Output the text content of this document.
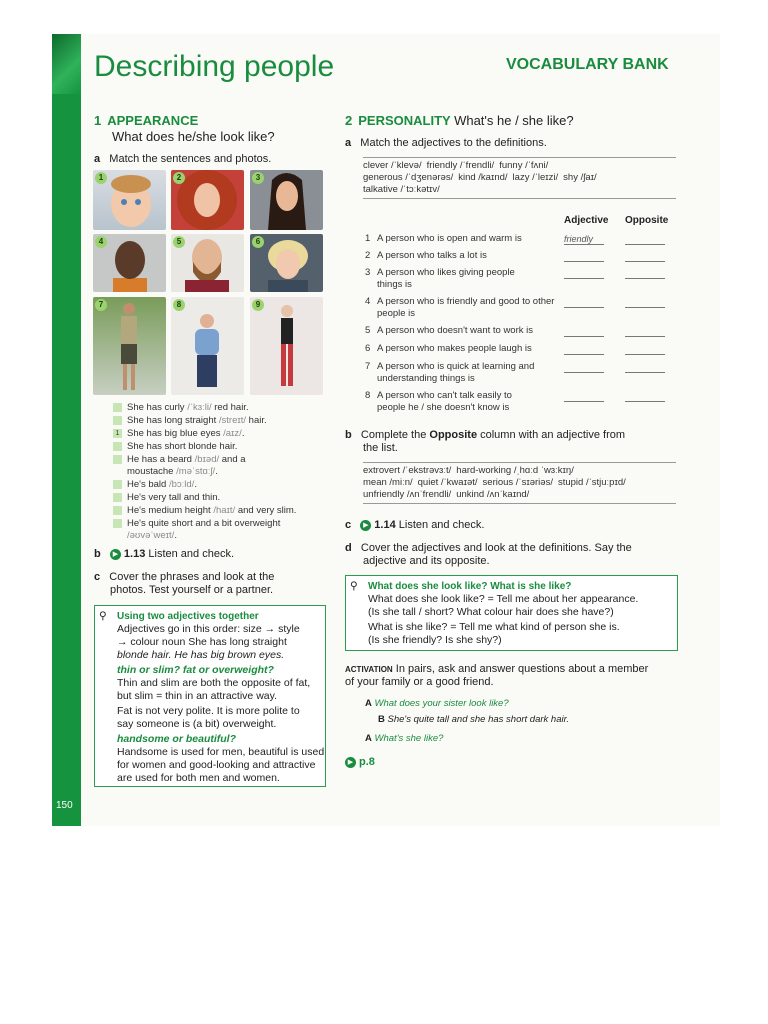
150
Describing people	VOCABULARY BANK
1 APPEARANCE
What does he/she look like?
a Match the sentences and photos.
1	2	3
4	5	6
7	8	9
She has curly /ˈkɜːli/ red hair.
She has long straight /streɪt/ hair.
1 She has big blue eyes /aɪz/.
She has short blonde hair.
He has a beard /bɪəd/ and a
moustache /məˈstɑːʃ/.
He's bald /bɔːld/.
He's very tall and thin.
He's medium height /haɪt/ and very slim.
He's quite short and a bit overweight
/əʊvəˈweɪt/.
b ▶ 1.13 Listen and check.
c Cover the phrases and look at the
photos. Test yourself or a partner.
⚲ Using two adjectives together
Adjectives go in this order: size → style
→ colour noun She has long straight
blonde hair. He has big brown eyes.
thin or slim? fat or overweight?
Thin and slim are both the opposite of fat,
but slim = thin in an attractive way.
Fat is not very polite. It is more polite to
say someone is (a bit) overweight.
handsome or beautiful?
Handsome is used for men, beautiful is used
for women and good-looking and attractive
are used for both men and women.
2 PERSONALITY What's he / she like?
a Match the adjectives to the definitions.
clever /ˈklevə/ friendly /ˈfrendli/ funny /ˈfʌni/
generous /ˈdʒenərəs/ kind /kaɪnd/ lazy /ˈleɪzi/ shy /ʃaɪ/
talkative /ˈtɔːkətɪv/
Adjective Opposite
1 A person who is open and warm is	friendly
2 A person who talks a lot is
3 A person who likes giving people things is
4 A person who is friendly and good to other people is
5 A person who doesn't want to work is
6 A person who makes people laugh is
7 A person who is quick at learning and understanding things is
8 A person who can't talk easily to people he / she doesn't know is
b Complete the Opposite column with an adjective from
the list.
extrovert /ˈekstrəvɜːt/ hard-working /ˌhɑːd ˈwɜːkɪŋ/
mean /miːn/ quiet /ˈkwaɪət/ serious /ˈsɪəriəs/ stupid /ˈstjuːpɪd/
unfriendly /ʌnˈfrendli/ unkind /ʌnˈkaɪnd/
c ▶ 1.14 Listen and check.
d Cover the adjectives and look at the definitions. Say the
adjective and its opposite.
⚲ What does she look like? What is she like?
What does she look like? = Tell me about her appearance.
(Is she tall / short? What colour hair does she have?)
What is she like? = Tell me what kind of person she is.
(Is she friendly? Is she shy?)
ACTIVATION In pairs, ask and answer questions about a member
of your family or a good friend.
A What does your sister look like?
B She's quite tall and she has short dark hair.
A What's she like?
▶ p.8
